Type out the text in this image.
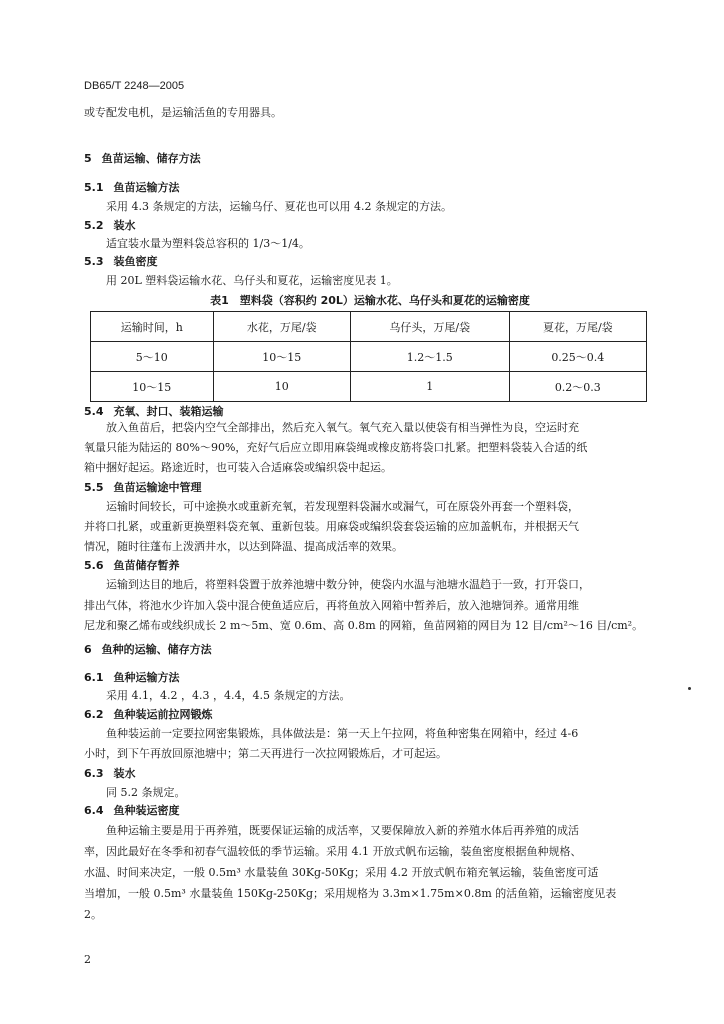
DB65/T 2248—2005
或专配发电机，是运输活鱼的专用器具。
5 鱼苗运输、储存方法
5.1 鱼苗运输方法
采用 4.3 条规定的方法，运输乌仔、夏花也可以用 4.2 条规定的方法。
5.2 装水
适宜装水量为塑料袋总容积的 1/3～1/4。
5.3 装鱼密度
用 20L 塑料袋运输水花、乌仔头和夏花，运输密度见表 1。
表1　塑料袋（容积约 20L）运输水花、乌仔头和夏花的运输密度
运输时间，h	水花，万尾/袋	乌仔头，万尾/袋	夏花，万尾/袋
5～10	10～15	1.2～1.5	0.25～0.4
10～15	10	1	0.2～0.3
5.4 充氧、封口、装箱运输
放入鱼苗后，把袋内空气全部排出，然后充入氧气。氧气充入量以使袋有相当弹性为良，空运时充
氧量只能为陆运的 80%～90%，充好气后应立即用麻袋绳或橡皮筋将袋口扎紧。把塑料袋装入合适的纸
箱中捆好起运。路途近时，也可装入合适麻袋或编织袋中起运。
5.5 鱼苗运输途中管理
运输时间较长，可中途换水或重新充氧，若发现塑料袋漏水或漏气，可在原袋外再套一个塑料袋，
并将口扎紧，或重新更换塑料袋充氧、重新包装。用麻袋或编织袋套袋运输的应加盖帆布，并根据天气
情况，随时往蓬布上泼洒井水，以达到降温、提高成活率的效果。
5.6 鱼苗储存暂养
运输到达目的地后，将塑料袋置于放养池塘中数分钟，使袋内水温与池塘水温趋于一致，打开袋口，
排出气体，将池水少许加入袋中混合使鱼适应后，再将鱼放入网箱中暂养后，放入池塘饲养。通常用维
尼龙和聚乙烯布或线织成长 2 m～5m、宽 0.6m、高 0.8m 的网箱，鱼苗网箱的网目为 12 目/cm²～16 目/cm²。
6 鱼种的运输、储存方法
6.1 鱼种运输方法
采用 4.1，4.2 ，4.3 ，4.4，4.5 条规定的方法。
6.2 鱼种装运前拉网锻炼
鱼种装运前一定要拉网密集锻炼，具体做法是：第一天上午拉网，将鱼种密集在网箱中，经过 4-6
小时，到下午再放回原池塘中；第二天再进行一次拉网锻炼后，才可起运。
6.3 装水
同 5.2 条规定。
6.4 鱼种装运密度
鱼种运输主要是用于再养殖，既要保证运输的成活率，又要保障放入新的养殖水体后再养殖的成活
率，因此最好在冬季和初春气温较低的季节运输。采用 4.1 开放式帆布运输，装鱼密度根据鱼种规格、
水温、时间来决定，一般 0.5m³ 水量装鱼 30Kg-50Kg；采用 4.2 开放式帆布箱充氧运输，装鱼密度可适
当增加，一般 0.5m³ 水量装鱼 150Kg-250Kg；采用规格为 3.3m×1.75m×0.8m 的活鱼箱，运输密度见表
2。
2
